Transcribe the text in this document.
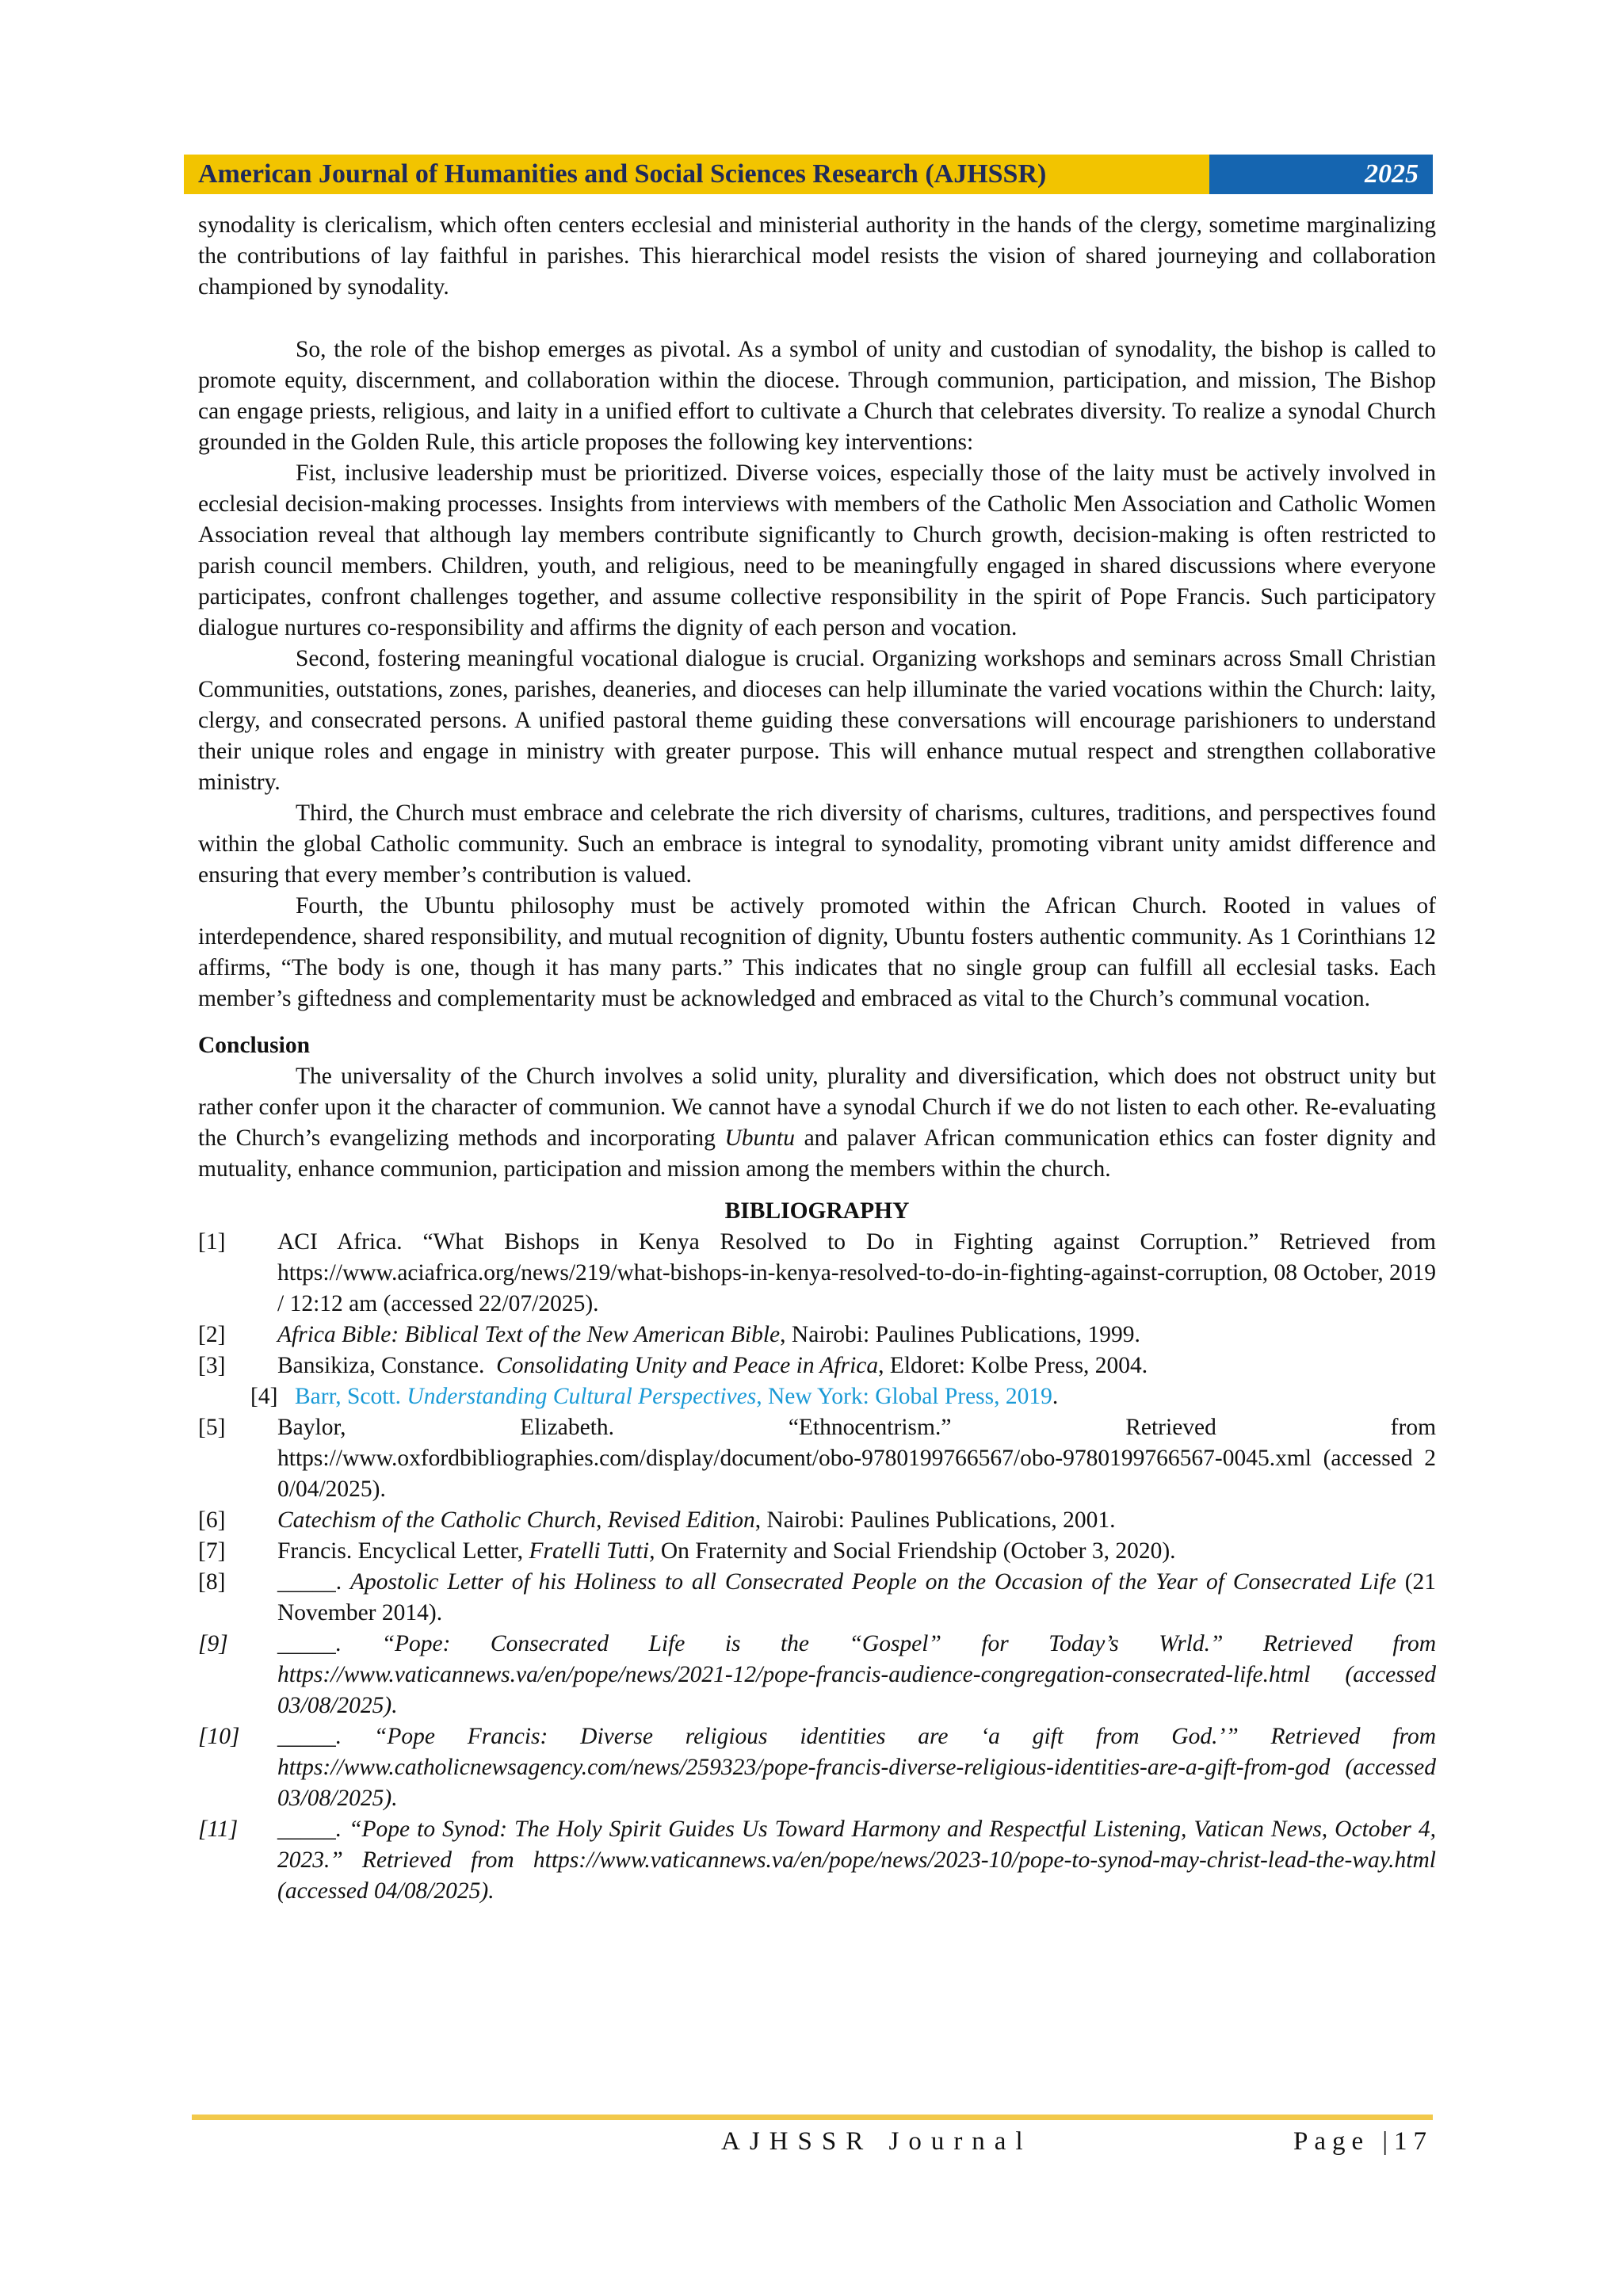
American Journal of Humanities and Social Sciences Research (AJHSSR)	2025

synodality is clericalism, which often centers ecclesial and ministerial authority in the hands of the clergy, sometime marginalizing the contributions of lay faithful in parishes. This hierarchical model resists the vision of shared journeying and collaboration championed by synodality.

So, the role of the bishop emerges as pivotal. As a symbol of unity and custodian of synodality, the bishop is called to promote equity, discernment, and collaboration within the diocese. Through communion, participation, and mission, The Bishop can engage priests, religious, and laity in a unified effort to cultivate a Church that celebrates diversity. To realize a synodal Church grounded in the Golden Rule, this article proposes the following key interventions:

Fist, inclusive leadership must be prioritized. Diverse voices, especially those of the laity must be actively involved in ecclesial decision-making processes. Insights from interviews with members of the Catholic Men Association and Catholic Women Association reveal that although lay members contribute significantly to Church growth, decision-making is often restricted to parish council members. Children, youth, and religious, need to be meaningfully engaged in shared discussions where everyone participates, confront challenges together, and assume collective responsibility in the spirit of Pope Francis. Such participatory dialogue nurtures co-responsibility and affirms the dignity of each person and vocation.

Second, fostering meaningful vocational dialogue is crucial. Organizing workshops and seminars across Small Christian Communities, outstations, zones, parishes, deaneries, and dioceses can help illuminate the varied vocations within the Church: laity, clergy, and consecrated persons. A unified pastoral theme guiding these conversations will encourage parishioners to understand their unique roles and engage in ministry with greater purpose. This will enhance mutual respect and strengthen collaborative ministry.

Third, the Church must embrace and celebrate the rich diversity of charisms, cultures, traditions, and perspectives found within the global Catholic community. Such an embrace is integral to synodality, promoting vibrant unity amidst difference and ensuring that every member’s contribution is valued.

Fourth, the Ubuntu philosophy must be actively promoted within the African Church. Rooted in values of interdependence, shared responsibility, and mutual recognition of dignity, Ubuntu fosters authentic community. As 1 Corinthians 12 affirms, “The body is one, though it has many parts.” This indicates that no single group can fulfill all ecclesial tasks. Each member’s giftedness and complementarity must be acknowledged and embraced as vital to the Church’s communal vocation.

Conclusion

The universality of the Church involves a solid unity, plurality and diversification, which does not obstruct unity but rather confer upon it the character of communion. We cannot have a synodal Church if we do not listen to each other. Re-evaluating the Church’s evangelizing methods and incorporating Ubuntu and palaver African communication ethics can foster dignity and mutuality, enhance communion, participation and mission among the members within the church.

BIBLIOGRAPHY

[1] ACI Africa. “What Bishops in Kenya Resolved to Do in Fighting against Corruption.” Retrieved from https://www.aciafrica.org/news/219/what-bishops-in-kenya-resolved-to-do-in-fighting-against-corruption, 08 October, 2019 / 12:12 am (accessed 22/07/2025).
[2] Africa Bible: Biblical Text of the New American Bible, Nairobi: Paulines Publications, 1999.
[3] Bansikiza, Constance.  Consolidating Unity and Peace in Africa, Eldoret: Kolbe Press, 2004.
[4] Barr, Scott. Understanding Cultural Perspectives, New York: Global Press, 2019.
[5] Baylor,	Elizabeth.	“Ethnocentrism.”	Retrieved	from
https://www.oxfordbibliographies.com/display/document/obo-9780199766567/obo-9780199766567-0045.xml (accessed 20/04/2025).
[6] Catechism of the Catholic Church, Revised Edition, Nairobi: Paulines Publications, 2001.
[7] Francis. Encyclical Letter, Fratelli Tutti, On Fraternity and Social Friendship (October 3, 2020).
[8] _____. Apostolic Letter of his Holiness to all Consecrated People on the Occasion of the Year of Consecrated Life (21 November 2014).
[9] _____. “Pope: Consecrated Life is the “Gospel” for Today’s Wrld.” Retrieved from https://www.vaticannews.va/en/pope/news/2021-12/pope-francis-audience-congregation-consecrated-life.html (accessed 03/08/2025).
[10] _____. “Pope Francis: Diverse religious identities are ‘a gift from God.’” Retrieved from https://www.catholicnewsagency.com/news/259323/pope-francis-diverse-religious-identities-are-a-gift-from-god (accessed 03/08/2025).
[11] _____. “Pope to Synod: The Holy Spirit Guides Us Toward Harmony and Respectful Listening, Vatican News, October 4, 2023.” Retrieved from https://www.vaticannews.va/en/pope/news/2023-10/pope-to-synod-may-christ-lead-the-way.html (accessed 04/08/2025).
AJHSSR Journal	Page |17
